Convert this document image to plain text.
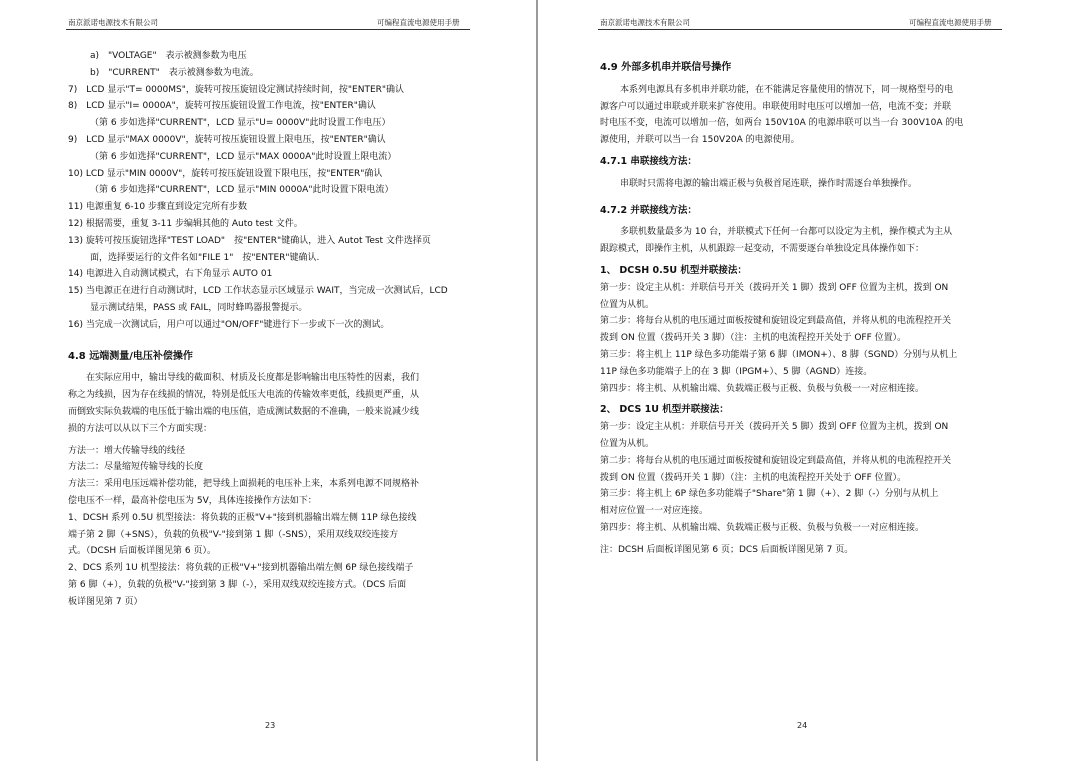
南京派诺电源技术有限公司	可编程直流电源使用手册

a)　"VOLTAGE"　表示被测参数为电压

b)　"CURRENT"　表示被测参数为电流。

7)　LCD 显示"T= 0000MS"，旋转可按压旋钮设定测试持续时间，按"ENTER"确认

8)　LCD 显示"I= 0000A"，旋转可按压旋钮设置工作电流，按"ENTER"确认

（第 6 步如选择"CURRENT"，LCD 显示"U= 0000V"此时设置工作电压）

9)　LCD 显示"MAX 0000V"，旋转可按压旋钮设置上限电压，按"ENTER"确认

（第 6 步如选择"CURRENT"，LCD 显示"MAX 0000A"此时设置上限电流）

10) LCD 显示"MIN 0000V"，旋转可按压旋钮设置下限电压，按"ENTER"确认

（第 6 步如选择"CURRENT"，LCD 显示"MIN 0000A"此时设置下限电流）

11) 电源重复 6-10 步骤直到设定完所有步数

12) 根据需要，重复 3-11 步编辑其他的 Auto test 文件。

13) 旋转可按压旋钮选择"TEST LOAD"　按"ENTER"键确认，进入 Autot Test 文件选择页

面，选择要运行的文件名如"FILE 1"　按"ENTER"键确认.

14) 电源进入自动测试模式，右下角显示 AUTO 01

15) 当电源正在进行自动测试时，LCD 工作状态显示区域显示 WAIT，当完成一次测试后，LCD

显示测试结果，PASS 或 FAIL，同时蜂鸣器报警提示。

16) 当完成一次测试后，用户可以通过"ON/OFF"键进行下一步或下一次的测试。

4.8 远端测量/电压补偿操作

在实际应用中，输出导线的截面积、材质及长度都是影响输出电压特性的因素，我们

称之为线损，因为存在线损的情况，特别是低压大电流的传输效率更低，线损更严重，从

而倒致实际负载端的电压低于输出端的电压值，造成测试数据的不准确，一般来说减少线

损的方法可以从以下三个方面实现：

方法一：增大传输导线的线径

方法二：尽量缩短传输导线的长度

方法三：采用电压远端补偿功能，把导线上面损耗的电压补上来，本系列电源不同规格补

偿电压不一样，最高补偿电压为 5V，具体连接操作方法如下：

1、DCSH 系列 0.5U 机型接法：将负载的正极"V+"接到机器输出端左侧 11P 绿色接线

端子第 2 脚（+SNS），负载的负极"V-"接到第 1 脚（-SNS），采用双线双绞连接方

式。（DCSH 后面板详图见第 6 页）。

2、DCS 系列 1U 机型接法：将负载的正极"V+"接到机器输出端左侧 6P 绿色接线端子

第 6 脚（+），负载的负极"V-"接到第 3 脚（-），采用双线双绞连接方式。（DCS 后面

板详图见第 7 页）

23
南京派诺电源技术有限公司	可编程直流电源使用手册

4.9 外部多机串并联信号操作

本系列电源具有多机串并联功能，在不能满足容量使用的情况下，同一规格型号的电

源客户可以通过串联或并联来扩容使用。串联使用时电压可以增加一倍，电流不变；并联

时电压不变，电流可以增加一倍，如两台 150V10A 的电源串联可以当一台 300V10A 的电

源使用，并联可以当一台 150V20A 的电源使用。

4.7.1 串联接线方法：

串联时只需将电源的输出端正极与负极首尾连联，操作时需逐台单独操作。

4.7.2 并联接线方法：

多联机数量最多为 10 台，并联模式下任何一台都可以设定为主机，操作模式为主从

跟踪模式，即操作主机，从机跟踪一起变动，不需要逐台单独设定具体操作如下：

1、 DCSH 0.5U 机型并联接法：

第一步：设定主从机：并联信号开关（拨码开关 1 脚）拨到 OFF 位置为主机，拨到 ON

位置为从机。

第二步：将每台从机的电压通过面板按键和旋钮设定到最高值，并将从机的电流程控开关

拨到 ON 位置（拨码开关 3 脚）（注：主机的电流程控开关处于 OFF 位置）。

第三步：将主机上 11P 绿色多功能端子第 6 脚（IMON+）、8 脚（SGND）分别与从机上

11P 绿色多功能端子上的在 3 脚（IPGM+）、5 脚（AGND）连接。

第四步：将主机、从机输出端、负载端正极与正极、负极与负极一一对应相连接。

2、 DCS 1U 机型并联接法：

第一步：设定主从机：并联信号开关（拨码开关 5 脚）拨到 OFF 位置为主机，拨到 ON

位置为从机。

第二步：将每台从机的电压通过面板按键和旋钮设定到最高值，并将从机的电流程控开关

拨到 ON 位置（拨码开关 1 脚）（注：主机的电流程控开关处于 OFF 位置）。

第三步：将主机上 6P 绿色多功能端子"Share"第 1 脚（+）、2 脚（-）分别与从机上

相对应位置一一对应连接。

第四步：将主机、从机输出端、负载端正极与正极、负极与负极一一对应相连接。

注：DCSH 后面板详图见第 6 页；DCS 后面板详图见第 7 页。

24
